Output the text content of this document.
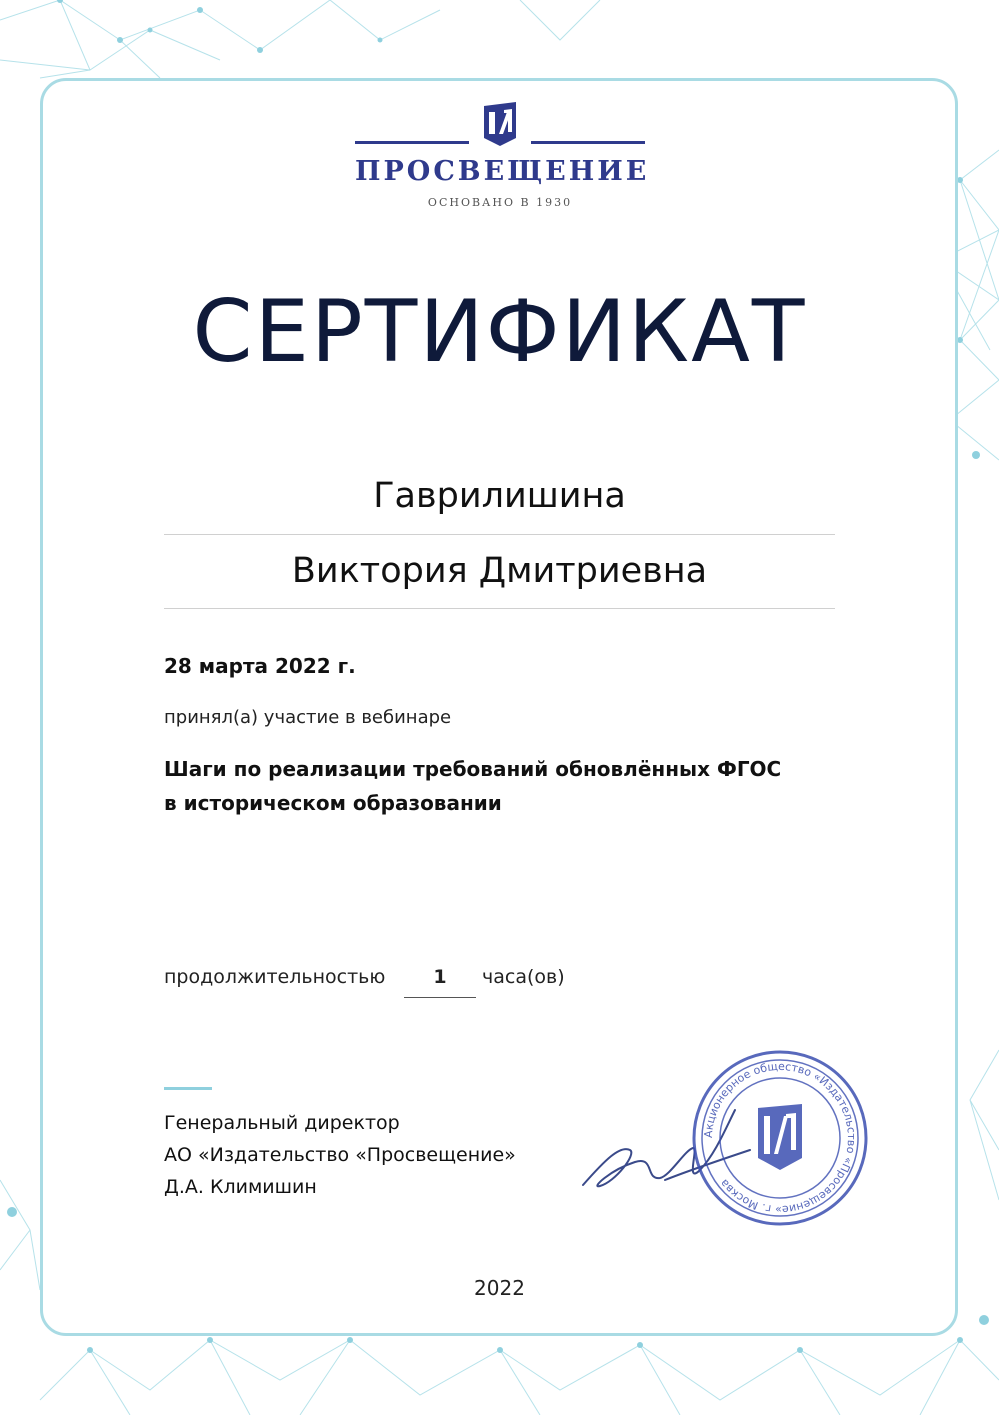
ПРОСВЕЩЕНИЕ
ОСНОВАНО В 1930
СЕРТИФИКАТ
Гаврилишина
Виктория Дмитриевна
28 марта 2022 г.
принял(а) участие в вебинаре
Шаги по реализации требований обновлённых ФГОС
в историческом образовании
продолжительностью	1	часа(ов)
Генеральный директор
АО «Издательство «Просвещение»
Д.А. Климишин
Акционерное общество «Издательство «Просвещение» г. Москва
2022
